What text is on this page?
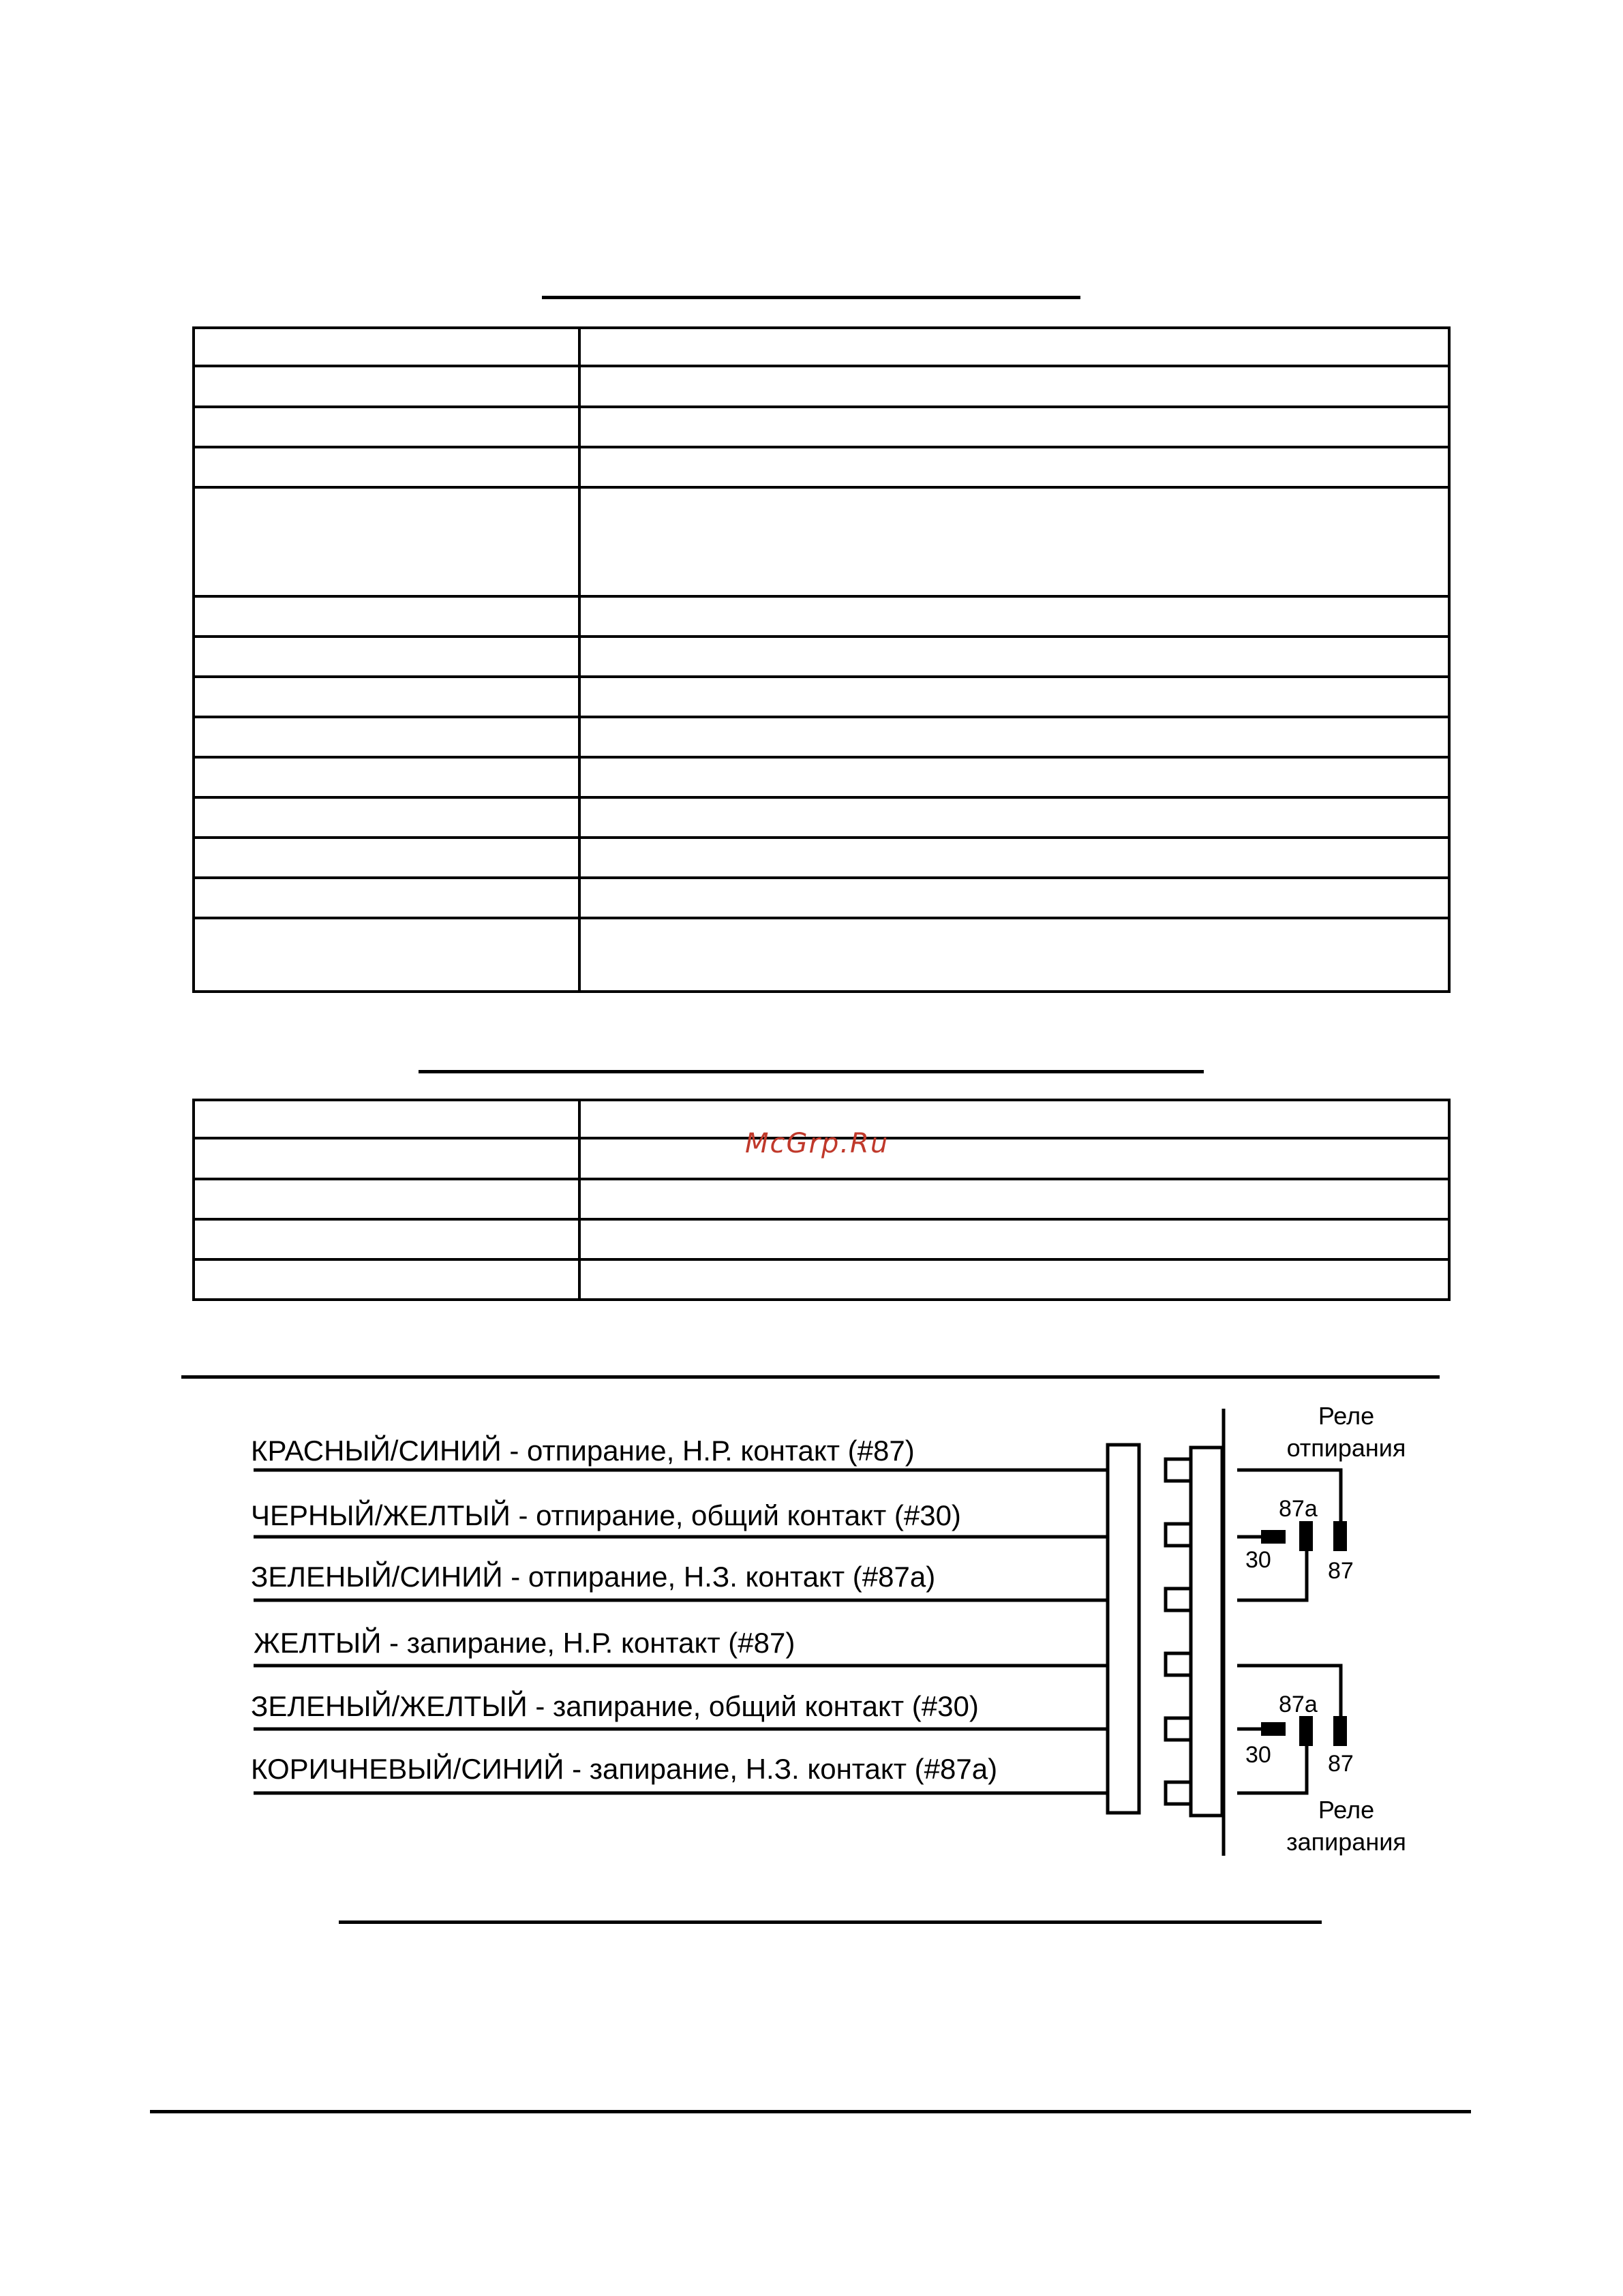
McGrp.Ru
КРАСНЫЙ/СИНИЙ - отпирание, Н.Р. контакт (#87)
ЧЕРНЫЙ/ЖЕЛТЫЙ - отпирание, общий контакт (#30)
ЗЕЛЕНЫЙ/СИНИЙ - отпирание, Н.З. контакт (#87а)
ЖЕЛТЫЙ - запирание, Н.Р. контакт (#87)
ЗЕЛЕНЫЙ/ЖЕЛТЫЙ - запирание, общий контакт (#30)
КОРИЧНЕВЫЙ/СИНИЙ - запирание, Н.З. контакт (#87а)
Реле
отпирания
87а
30 87
87а
30 87
Реле
запирания
